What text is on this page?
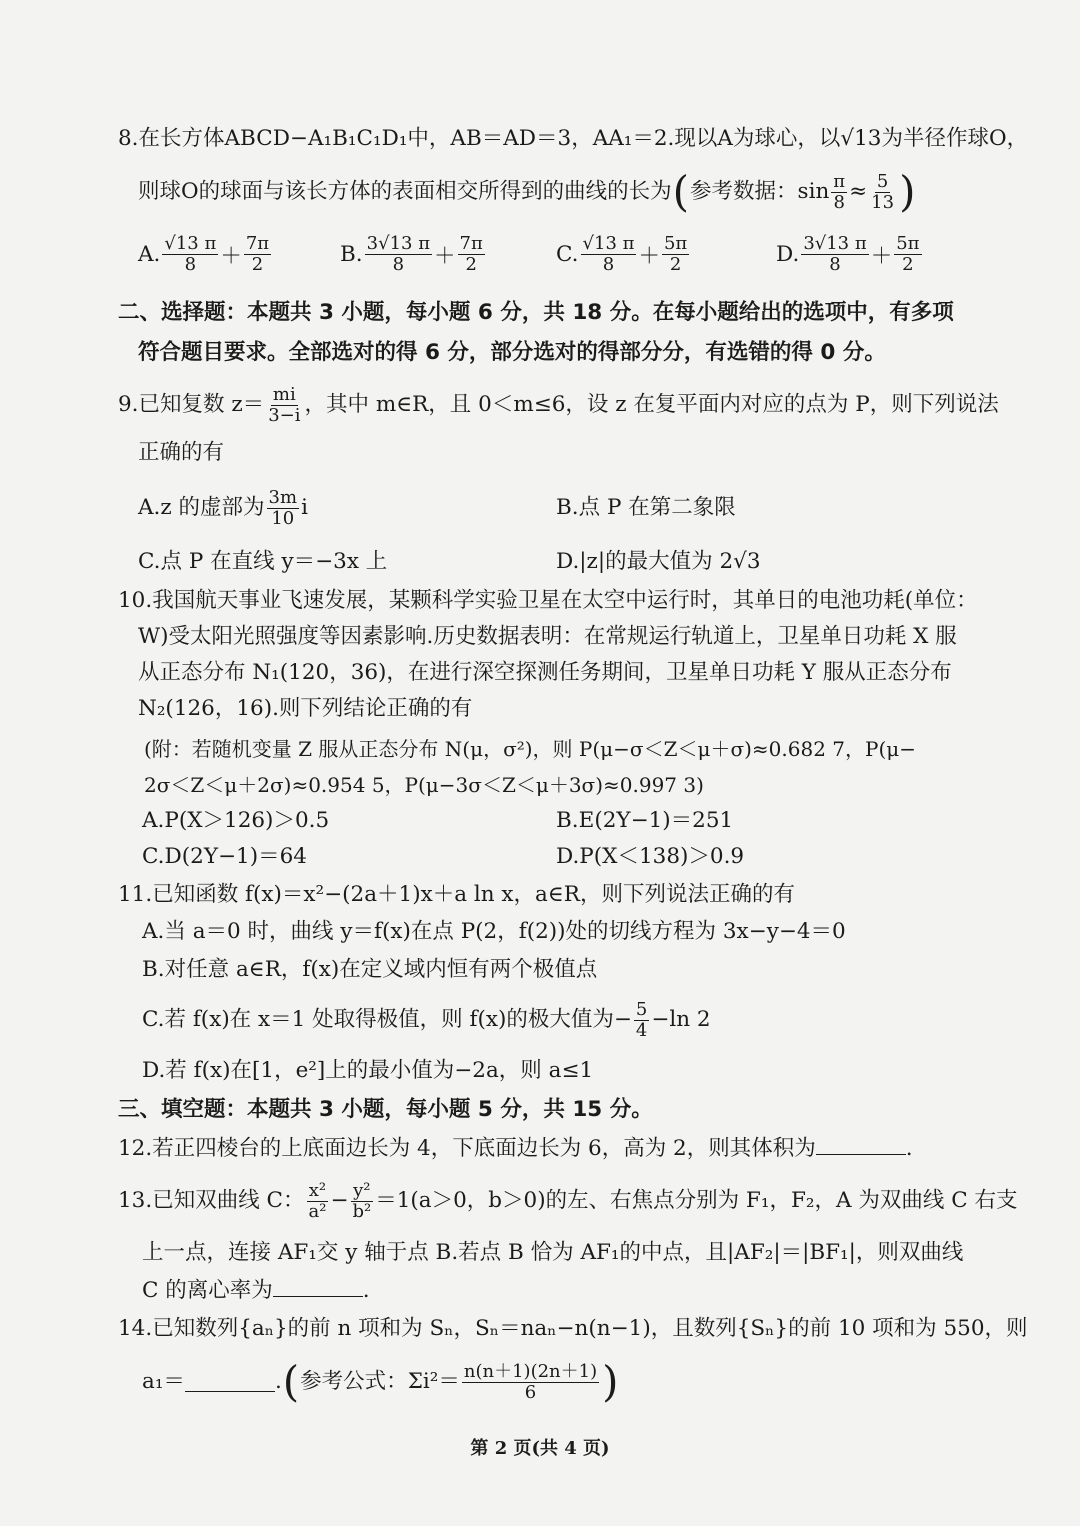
8.在长方体ABCD−A₁B₁C₁D₁中，AB＝AD＝3，AA₁＝2.现以A为球心，以√13为半径作球O，
则球O的球面与该长方体的表面相交所得到的曲线的长为 ( 参考数据：$\sin \frac{\pi}{8} \approx \frac{5}{13}$ )
A. $\frac{√13 \pi}{8} + \frac{7\pi}{2}$	B. $\frac{3√13 \pi}{8} + \frac{7\pi}{2}$	C. $\frac{√13 \pi}{8} + \frac{5\pi}{2}$	D. $\frac{3√13 \pi}{8} + \frac{5\pi}{2}$
二、选择题：本题共 3 小题，每小题 6 分，共 18 分。在每小题给出的选项中，有多项
符合题目要求。全部选对的得 6 分，部分选对的得部分分，有选错的得 0 分。
9.已知复数 $z= \frac{mi}{3-i}$ ，其中 m∈R，且 0＜m≤6，设 z 在复平面内对应的点为 P，则下列说法
正确的有
A.z 的虚部为 $\frac{3m}{10}$ i	B.点 P 在第二象限
C.点 P 在直线 y＝−3x 上	D.|z|的最大值为 2√3
10.我国航天事业飞速发展，某颗科学实验卫星在太空中运行时，其单日的电池功耗(单位：
W)受太阳光照强度等因素影响.历史数据表明：在常规运行轨道上，卫星单日功耗 X 服
从正态分布 N₁(120，36)，在进行深空探测任务期间，卫星单日功耗 Y 服从正态分布
N₂(126，16).则下列结论正确的有
(附：若随机变量 Z 服从正态分布 N(μ，σ²)，则 P(μ−σ＜Z＜μ＋σ)≈0.682 7，P(μ−
2σ＜Z＜μ＋2σ)≈0.954 5，P(μ−3σ＜Z＜μ＋3σ)≈0.997 3)
A.P(X＞126)＞0.5	B.E(2Y−1)＝251
C.D(2Y−1)＝64	D.P(X＜138)＞0.9
11.已知函数 f(x)＝x²−(2a＋1)x＋a ln x，a∈R，则下列说法正确的有
A.当 a＝0 时，曲线 y＝f(x)在点 P(2，f(2))处的切线方程为 3x−y−4＝0
B.对任意 a∈R，f(x)在定义域内恒有两个极值点
C.若 f(x)在 x＝1 处取得极值，则 f(x)的极大值为− $\frac{5}{4} -\ln$ 2
D.若 f(x)在[1，e²]上的最小值为−2a，则 a≤1
三、填空题：本题共 3 小题，每小题 5 分，共 15 分。
12.若正四棱台的上底面边长为 4，下底面边长为 6，高为 2，则其体积为	.
13.已知双曲线 C： $\frac{\text{x²}}{\text{a²}} - \frac{\text{y²}}{\text{b²}} =1(a>0$，b＞0)的左、右焦点分别为 F₁，F₂，A 为双曲线 C 右支
上一点，连接 AF₁交 y 轴于点 B.若点 B 恰为 AF₁的中点，且|AF₂|＝|BF₁|，则双曲线
C 的离心率为	.
14.已知数列{aₙ}的前 n 项和为 Sₙ，Sₙ＝naₙ−n(n−1)，且数列{Sₙ}的前 10 项和为 550，则
a₁＝	. ( 参考公式： $\Sigma i^2= \frac{n(n+1)(2n+1)}{6}$ )
第 2 页(共 4 页)
